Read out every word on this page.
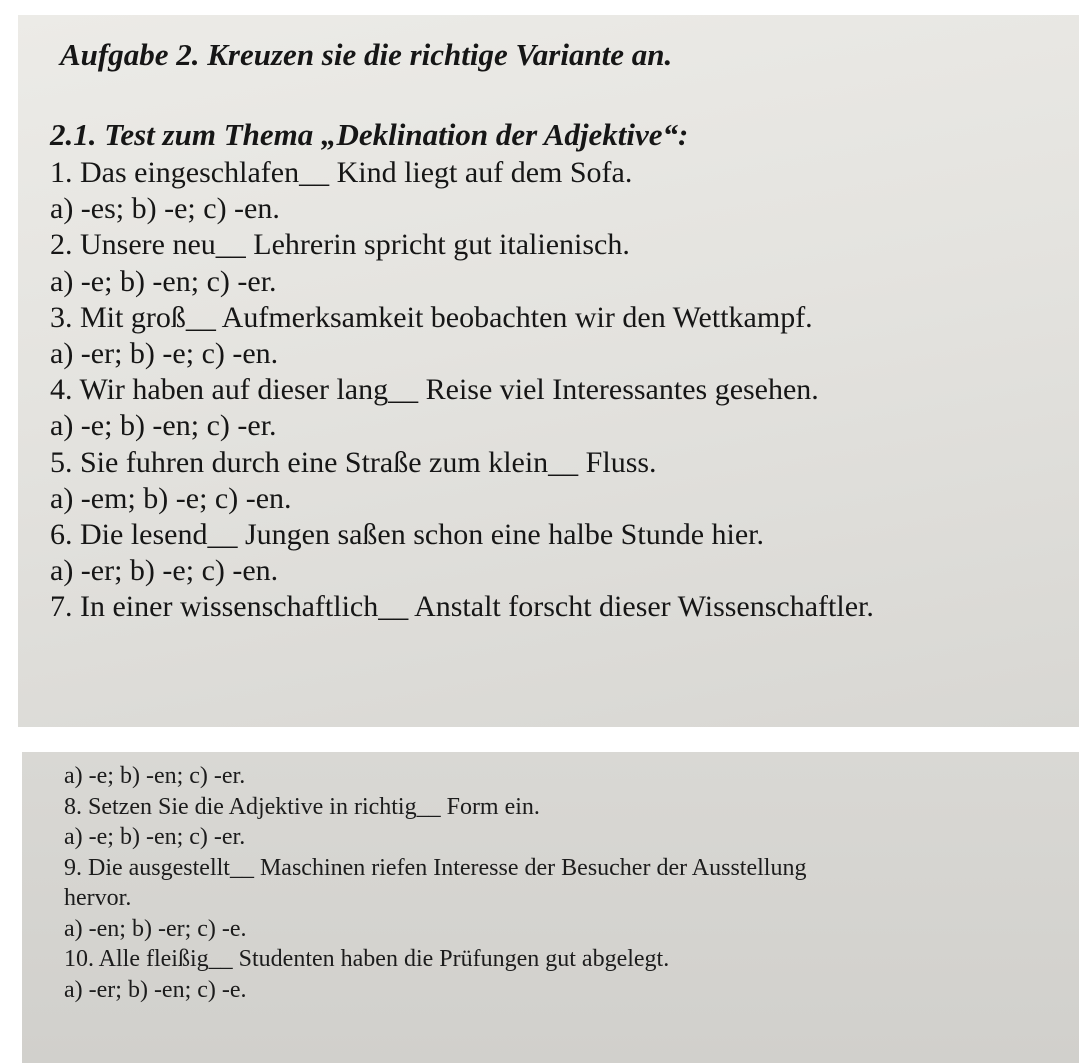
Aufgabe 2. Kreuzen sie die richtige Variante an.
2.1. Test zum Thema „Deklination der Adjektive“:
1. Das eingeschlafen__ Kind liegt auf dem Sofa.
a) -es; b) -e; c) -en.
2. Unsere neu__ Lehrerin spricht gut italienisch.
a) -e; b) -en; c) -er.
3. Mit groß__ Aufmerksamkeit beobachten wir den Wettkampf.
a) -er; b) -e; c) -en.
4. Wir haben auf dieser lang__ Reise viel Interessantes gesehen.
a) -e; b) -en; c) -er.
5. Sie fuhren durch eine Straße zum klein__ Fluss.
a) -em; b) -e; c) -en.
6. Die lesend__ Jungen saßen schon eine halbe Stunde hier.
a) -er; b) -e; c) -en.
7. In einer wissenschaftlich__ Anstalt forscht dieser Wissenschaftler.
a) -e; b) -en; c) -er.
8. Setzen Sie die Adjektive in richtig__ Form ein.
a) -e; b) -en; c) -er.
9. Die ausgestellt__ Maschinen riefen Interesse der Besucher der Ausstellung
hervor.
a) -en; b) -er; c) -e.
10. Alle fleißig__ Studenten haben die Prüfungen gut abgelegt.
a) -er; b) -en; c) -e.
